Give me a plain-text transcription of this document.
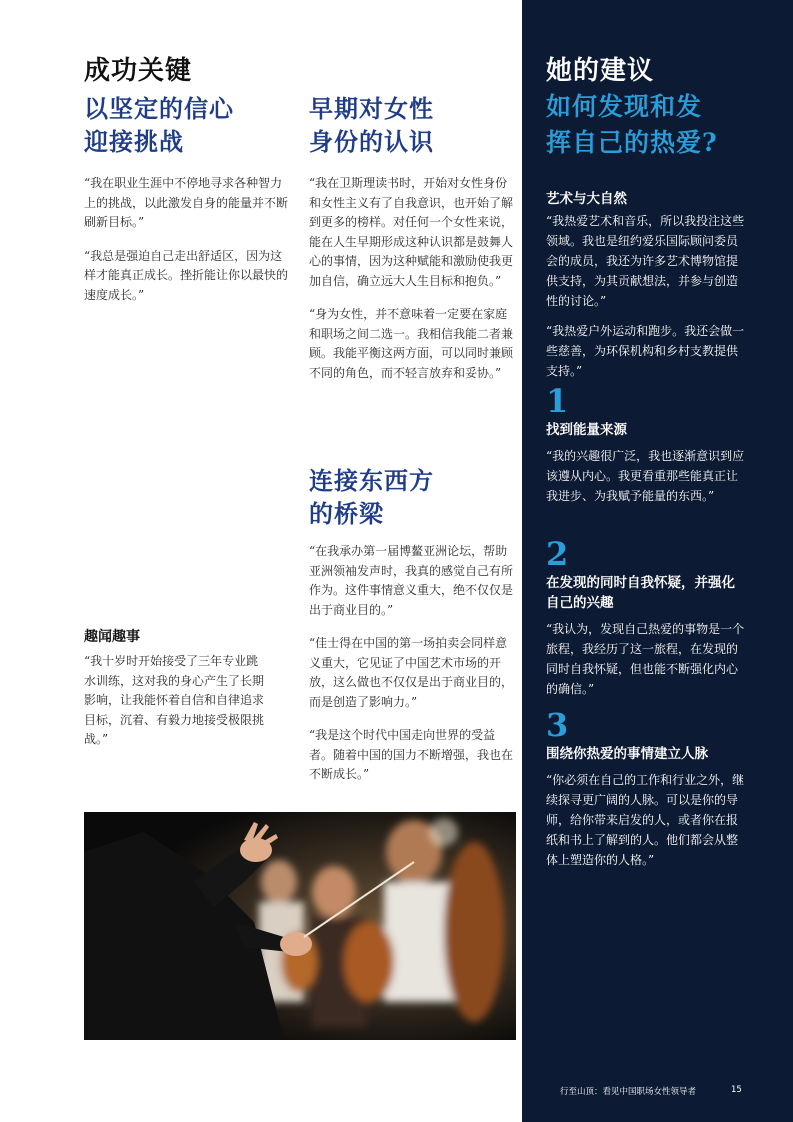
成功关键
以坚定的信心
迎接挑战

“我在职业生涯中不停地寻求各种智力上的挑战，以此激发自身的能量并不断刷新目标。”

“我总是强迫自己走出舒适区，因为这样才能真正成长。挫折能让你以最快的速度成长。”

早期对女性
身份的认识

“我在卫斯理读书时，开始对女性身份和女性主义有了自我意识，也开始了解到更多的榜样。对任何一个女性来说，能在人生早期形成这种认识都是鼓舞人心的事情，因为这种赋能和激励使我更加自信，确立远大人生目标和抱负。”

“身为女性，并不意味着一定要在家庭和职场之间二选一。我相信我能二者兼顾。我能平衡这两方面，可以同时兼顾不同的角色，而不轻言放弃和妥协。”

连接东西方
的桥梁

“在我承办第一届博鳌亚洲论坛，帮助亚洲领袖发声时，我真的感觉自己有所作为。这件事情意义重大，绝不仅仅是出于商业目的。”

“佳士得在中国的第一场拍卖会同样意义重大，它见证了中国艺术市场的开放，这么做也不仅仅是出于商业目的，而是创造了影响力。”

“我是这个时代中国走向世界的受益者。随着中国的国力不断增强，我也在不断成长。”

趣闻趣事

“我十岁时开始接受了三年专业跳水训练，这对我的身心产生了长期影响，让我能怀着自信和自律追求目标，沉着、有毅力地接受极限挑战。”

她的建议
如何发现和发
挥自己的热爱?
艺术与大自然

“我热爱艺术和音乐，所以我投注这些领域。我也是纽约爱乐国际顾问委员会的成员，我还为许多艺术博物馆提供支持，为其贡献想法，并参与创造性的讨论。”

“我热爱户外运动和跑步。我还会做一些慈善，为环保机构和乡村支教提供支持。”

1
找到能量来源

“我的兴趣很广泛，我也逐渐意识到应该遵从内心。我更看重那些能真正让我进步、为我赋予能量的东西。”

2
在发现的同时自我怀疑，并强化自己的兴趣

“我认为，发现自己热爱的事物是一个旅程，我经历了这一旅程，在发现的同时自我怀疑，但也能不断强化内心的确信。”

3
围绕你热爱的事情建立人脉

“你必须在自己的工作和行业之外，继续探寻更广阔的人脉。可以是你的导师，给你带来启发的人，或者你在报纸和书上了解到的人。他们都会从整体上塑造你的人格。”

行至山顶：看见中国职场女性领导者	15
